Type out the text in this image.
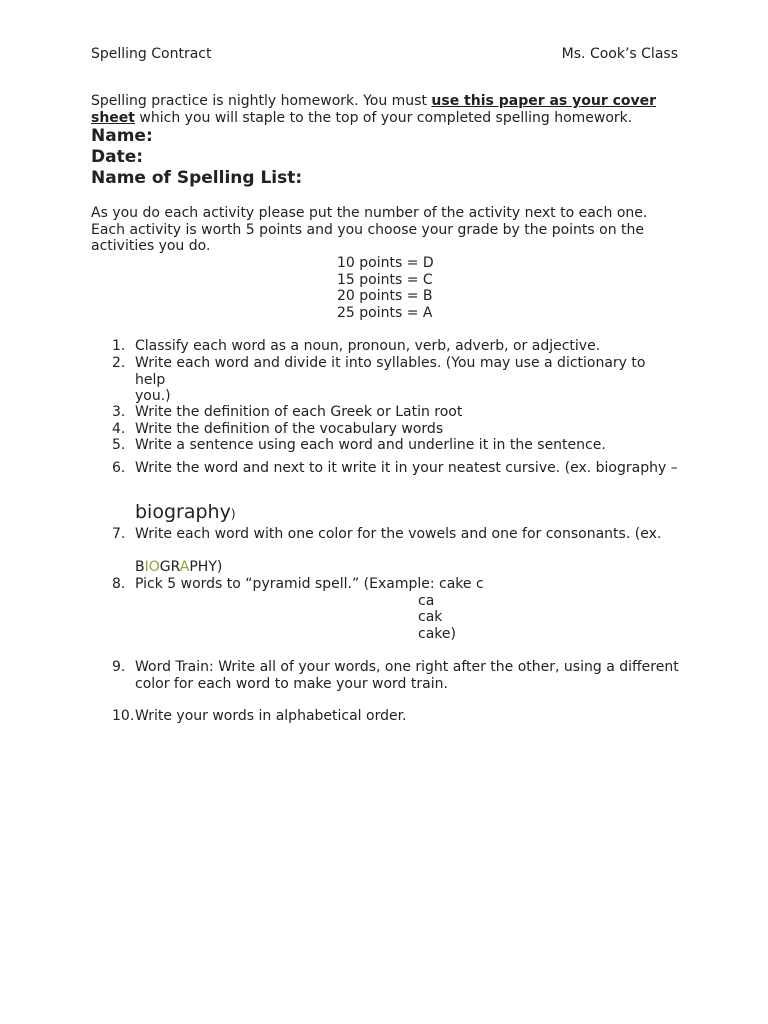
Spelling Contract	Ms. Cook’s Class
Spelling practice is nightly homework. You must use this paper as your cover sheet which you will staple to the top of your completed spelling homework.
Name:
Date:
Name of Spelling List:
As you do each activity please put the number of the activity next to each one. Each activity is worth 5 points and you choose your grade by the points on the activities you do.
10 points = D
15 points = C
20 points = B
25 points = A
1. Classify each word as a noun, pronoun, verb, adverb, or adjective.
2. Write each word and divide it into syllables. (You may use a dictionary to help
you.)
3. Write the definition of each Greek or Latin root
4. Write the definition of the vocabulary words
5. Write a sentence using each word and underline it in the sentence.
6. Write the word and next to it write it in your neatest cursive. (ex. biography –
biography)
7. Write each word with one color for the vowels and one for consonants. (ex.
BIOGRAPHY)
8. Pick 5 words to “pyramid spell.” (Example: cake c
ca
cak
cake)
9. Word Train: Write all of your words, one right after the other, using a different color for each word to make your word train.
10. Write your words in alphabetical order.
